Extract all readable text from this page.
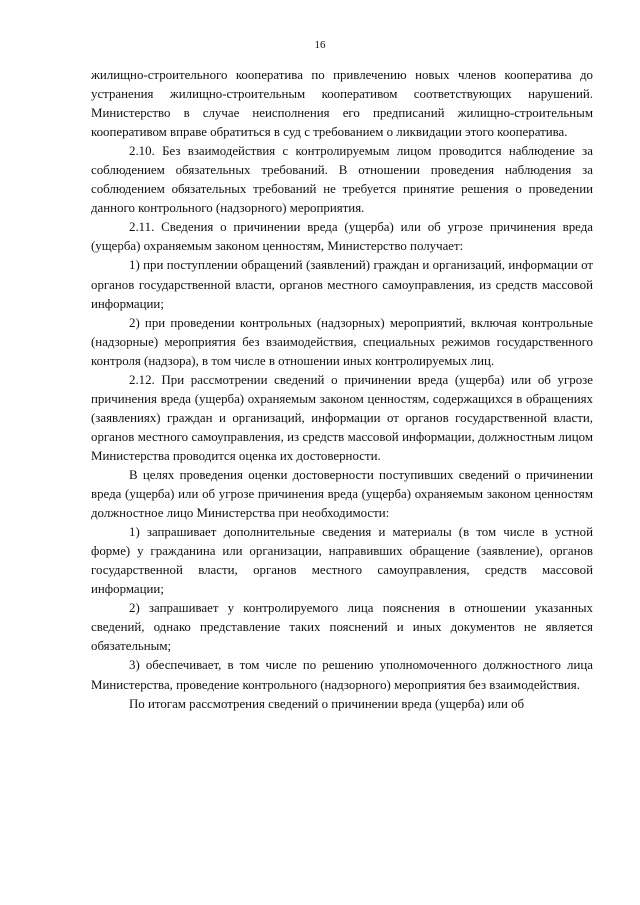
16

жилищно-строительного кооператива по привлечению новых членов кооператива до устранения жилищно-строительным кооперативом соответствующих нарушений. Министерство в случае неисполнения его предписаний жилищно-строительным кооперативом вправе обратиться в суд с требованием о ликвидации этого кооператива.

2.10. Без взаимодействия с контролируемым лицом проводится наблюдение за соблюдением обязательных требований. В отношении проведения наблюдения за соблюдением обязательных требований не требуется принятие решения о проведении данного контрольного (надзорного) мероприятия.

2.11. Сведения о причинении вреда (ущерба) или об угрозе причинения вреда (ущерба) охраняемым законом ценностям, Министерство получает:

1) при поступлении обращений (заявлений) граждан и организаций, информации от органов государственной власти, органов местного самоуправления, из средств массовой информации;

2) при проведении контрольных (надзорных) мероприятий, включая контрольные (надзорные) мероприятия без взаимодействия, специальных режимов государственного контроля (надзора), в том числе в отношении иных контролируемых лиц.

2.12. При рассмотрении сведений о причинении вреда (ущерба) или об угрозе причинения вреда (ущерба) охраняемым законом ценностям, содержащихся в обращениях (заявлениях) граждан и организаций, информации от органов государственной власти, органов местного самоуправления, из средств массовой информации, должностным лицом Министерства проводится оценка их достоверности.

В целях проведения оценки достоверности поступивших сведений о причинении вреда (ущерба) или об угрозе причинения вреда (ущерба) охраняемым законом ценностям должностное лицо Министерства при необходимости:

1) запрашивает дополнительные сведения и материалы (в том числе в устной форме) у гражданина или организации, направивших обращение (заявление), органов государственной власти, органов местного самоуправления, средств массовой информации;

2) запрашивает у контролируемого лица пояснения в отношении указанных сведений, однако представление таких пояснений и иных документов не является обязательным;

3) обеспечивает, в том числе по решению уполномоченного должностного лица Министерства, проведение контрольного (надзорного) мероприятия без взаимодействия.

По итогам рассмотрения сведений о причинении вреда (ущерба) или об
